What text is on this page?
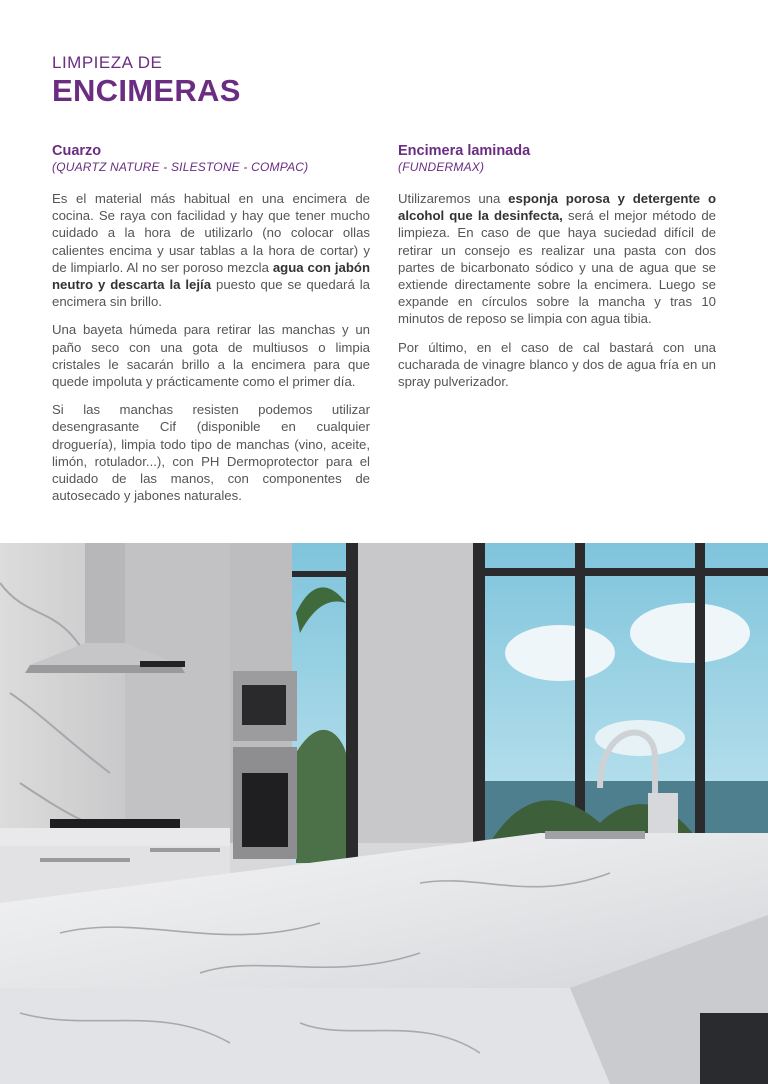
LIMPIEZA DE
ENCIMERAS
Cuarzo
(QUARTZ NATURE - SILESTONE - COMPAC)

Es el material más habitual en una encimera de cocina. Se raya con facilidad y hay que tener mucho cuidado a la hora de utilizarlo (no colocar ollas calientes encima y usar tablas a la hora de cortar) y de limpiarlo. Al no ser poroso mezcla agua con jabón neutro y descarta la lejía puesto que se quedará la encimera sin brillo.

Una bayeta húmeda para retirar las manchas y un paño seco con una gota de multiusos o limpia cristales le sacarán brillo a la encimera para que quede impoluta y prácticamente como el primer día.

Si las manchas resisten podemos utilizar desengrasante Cif (disponible en cualquier droguería), limpia todo tipo de manchas (vino, aceite, limón, rotulador...), con PH Dermoprotector para el cuidado de las manos, con componentes de autosecado y jabones naturales.

Encimera laminada
(FUNDERMAX)

Utilizaremos una esponja porosa y detergente o alcohol que la desinfecta, será el mejor método de limpieza. En caso de que haya suciedad difícil de retirar un consejo es realizar una pasta con dos partes de bicarbonato sódico y una de agua que se extiende directamente sobre la encimera. Luego se expande en círculos sobre la mancha y tras 10 minutos de reposo se limpia con agua tibia.

Por último, en el caso de cal bastará con una cucharada de vinagre blanco y dos de agua fría en un spray pulverizador.
